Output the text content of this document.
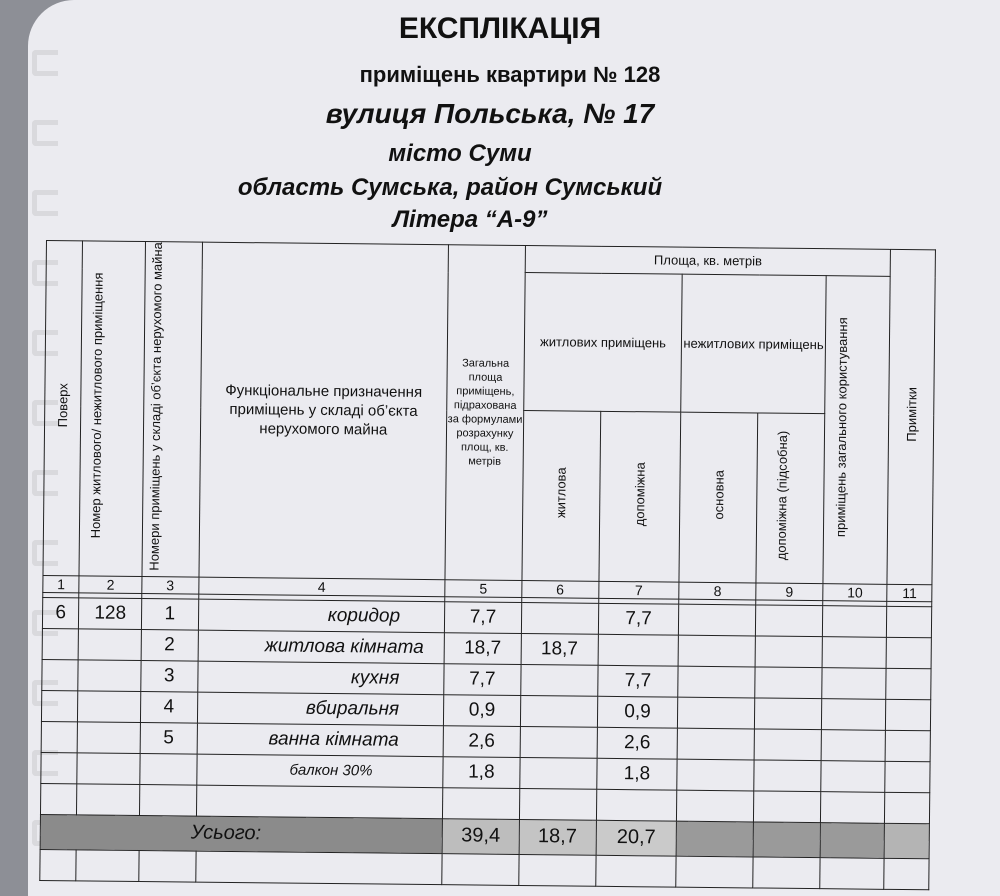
ЕКСПЛІКАЦІЯ
приміщень квартири № 128
вулиця Польська, № 17
місто Суми
область Сумська, район Сумський
Літера “А-9”
Поверх	Номер житлового/ нежитлового приміщення	Номери приміщень у складі об’єкта нерухомого майна	Функціональне призначення приміщень у складі об’єкта нерухомого майна	Загальна площа приміщень, підрахована за формулами розрахунку площ, кв. метрів	Площа, кв. метрів					Примітки
					житлових приміщень		нежитлових приміщень		приміщень загального користування	
					житлова	допоміжна	основна	допоміжна (підсобна)		
1	2	3	4	5	6	7	8	9	10	11

6	128	1	коридор	7,7		7,7				
		2	житлова кімната	18,7	18,7					
		3	кухня	7,7		7,7				
		4	вбиральня	0,9		0,9				
		5	ванна кімната	2,6		2,6				
			балкон 30%	1,8		1,8				

Усього:				39,4	18,7	20,7				
